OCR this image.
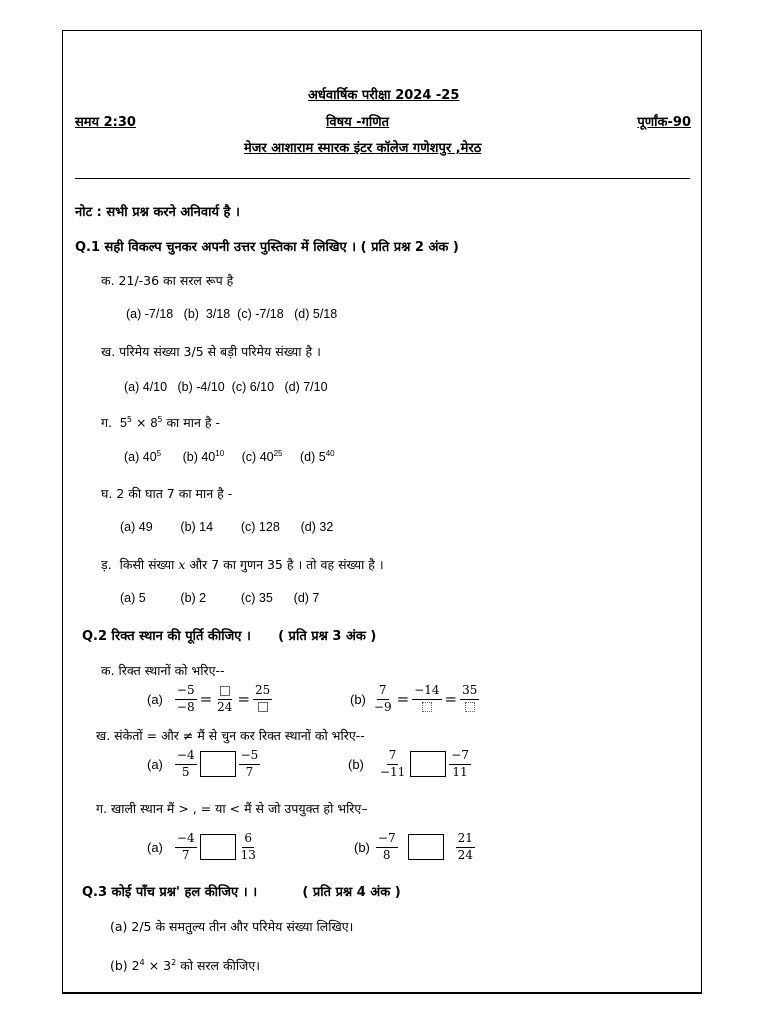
अर्धवार्षिक परीक्षा 2024 -25
समय 2:30	विषय -गणित	पूर्णांक-90
मेजर आशाराम स्मारक इंटर कॉलेज गणेशपुर ,मेरठ
नोट : सभी प्रश्न करने अनिवार्य है ।
Q.1 सही विकल्प चुनकर अपनी उत्तर पुस्तिका में लिखिए । ( प्रति प्रश्न 2 अंक )
क. 21/-36 का सरल रूप है
(a) -7/18   (b)  3/18  (c) -7/18   (d) 5/18
ख. परिमेय संख्या 3/5 से बड़ी परिमेय संख्या है ।
(a) 4/10   (b) -4/10  (c) 6/10   (d) 7/10
ग.  $5^5 \times 8^5$ का मान है -
(a) $40^5$ (b) $40^{10}$ (c) $40^{25}$ (d) $5^{40}$
घ. 2 की घात 7 का मान है -
(a) 49        (b) 14        (c) 128      (d) 32
ड़.  किसी संख्या x और 7 का गुणन 35 है । तो वह संख्या है ।
(a) 5          (b) 2          (c) 35      (d) 7
Q.2 रिक्त स्थान की पूर्ति कीजिए ।      ( प्रति प्रश्न 3 अंक )
क. रिक्त स्थानों को भरिए--
$(a) \frac{-5}{-8} = 24$ =
25
$(b) \frac{7}{-9}$ =
−14
=
35
ख. संकेतों = और ≠ मैं से चुन कर रिक्त स्थानों को भरिए--
$(a) \frac{-4}{5}$	$\frac{-5}{7}$	$(b) \frac{7}{-11}$	$\frac{-7}{11}$
ग. खाली स्थान मैं > , = या < मैं से जो उपयुक्त हो भरिए–
$(a) \frac{-4}{7}$	$\frac{6}{13}$	$(b) \frac{-7}{8}$	$\frac{21}{24}$
Q.3 कोई पाँच प्रश्न' हल कीजिए । ।          ( प्रति प्रश्न 4 अंक )
(a) 2/5 के समतुल्य तीन और परिमेय संख्या लिखिए।
(b) $2^4 \times 3^2$ को सरल कीजिए।
